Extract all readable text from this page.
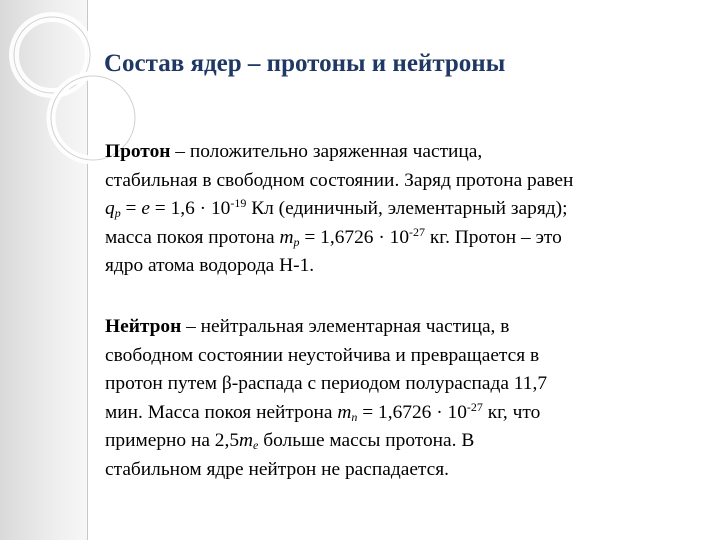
Состав ядер – протоны и нейтроны
Протон – положительно заряженная частица,
стабильная в свободном состоянии. Заряд протона равен
$q_p = e = 1,6 \cdot 10^{-19}$ Кл (единичный, элементарный заряд);
масса покоя протона $m_p = 1,6726 \cdot 10^{-27}$ кг. Протон – это
ядро атома водорода Н-1.
Нейтрон – нейтральная элементарная частица, в
свободном состоянии неустойчива и превращается в
протон путем β-распада с периодом полураспада 11,7
мин. Масса покоя нейтрона $m_n = 1,6726 \cdot 10^{-27}$ кг, что
примерно на $2,5m_e$ больше массы протона. В
стабильном ядре нейтрон не распадается.
